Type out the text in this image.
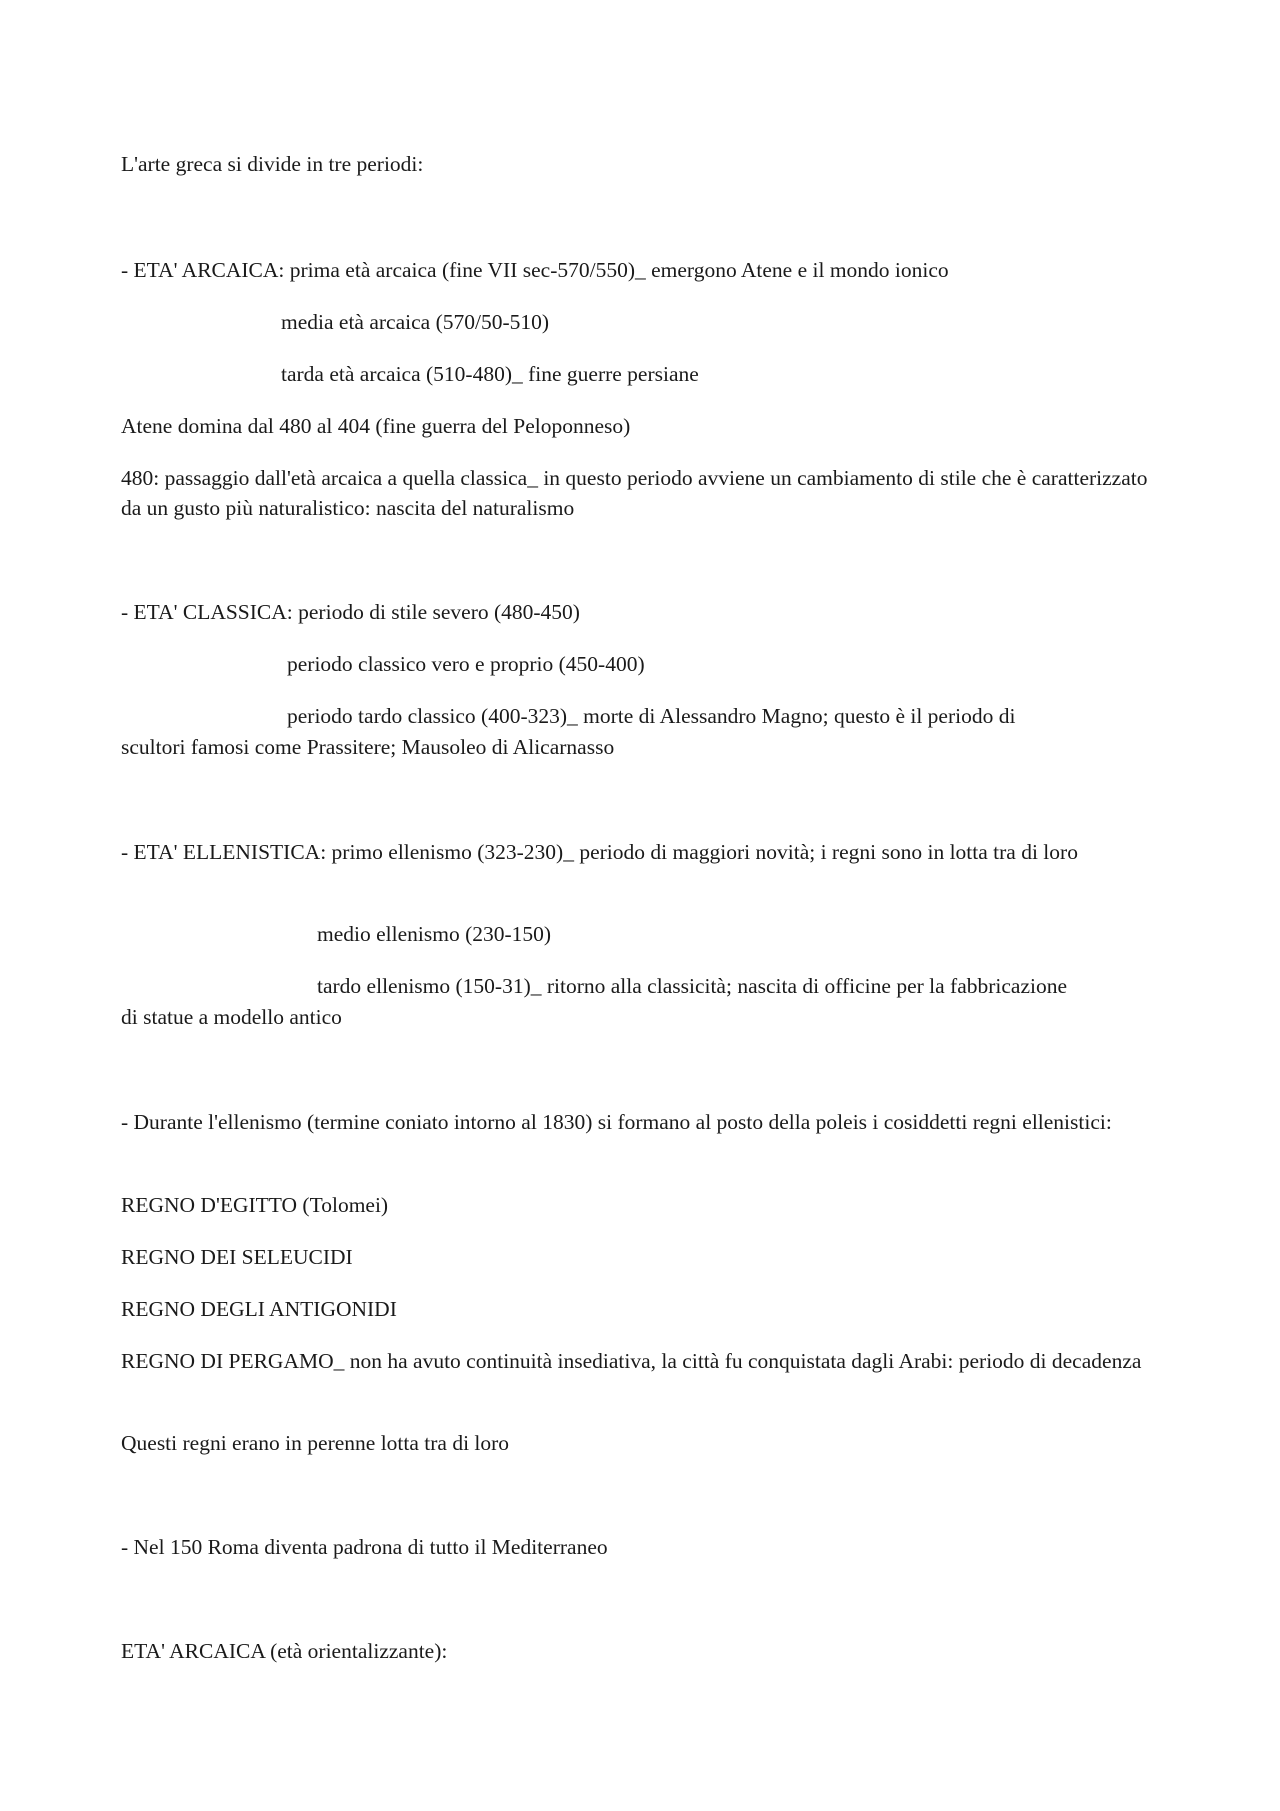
L'arte greca si divide in tre periodi:
- ETA' ARCAICA: prima età arcaica (fine VII sec-570/550)_ emergono Atene e il mondo ionico
media età arcaica (570/50-510)
tarda età arcaica (510-480)_ fine guerre persiane
Atene domina dal 480 al 404 (fine guerra del Peloponneso)
480: passaggio dall'età arcaica a quella classica_ in questo periodo avviene un cambiamento di stile che è caratterizzato da un gusto più naturalistico: nascita del naturalismo
- ETA' CLASSICA: periodo di stile severo (480-450)
periodo classico vero e proprio (450-400)
periodo tardo classico (400-323)_ morte di Alessandro Magno; questo è il periodo di
scultori famosi come Prassitere; Mausoleo di Alicarnasso
- ETA' ELLENISTICA: primo ellenismo (323-230)_ periodo di maggiori novità; i regni sono in lotta tra di loro
medio ellenismo (230-150)
tardo ellenismo (150-31)_ ritorno alla classicità; nascita di officine per la fabbricazione
di statue a modello antico
- Durante l'ellenismo (termine coniato intorno al 1830) si formano al posto della poleis i cosiddetti regni ellenistici:
REGNO D'EGITTO (Tolomei)
REGNO DEI SELEUCIDI
REGNO DEGLI ANTIGONIDI
REGNO DI PERGAMO_ non ha avuto continuità insediativa, la città fu conquistata dagli Arabi: periodo di decadenza
Questi regni erano in perenne lotta tra di loro
- Nel 150 Roma diventa padrona di tutto il Mediterraneo
ETA' ARCAICA (età orientalizzante):
